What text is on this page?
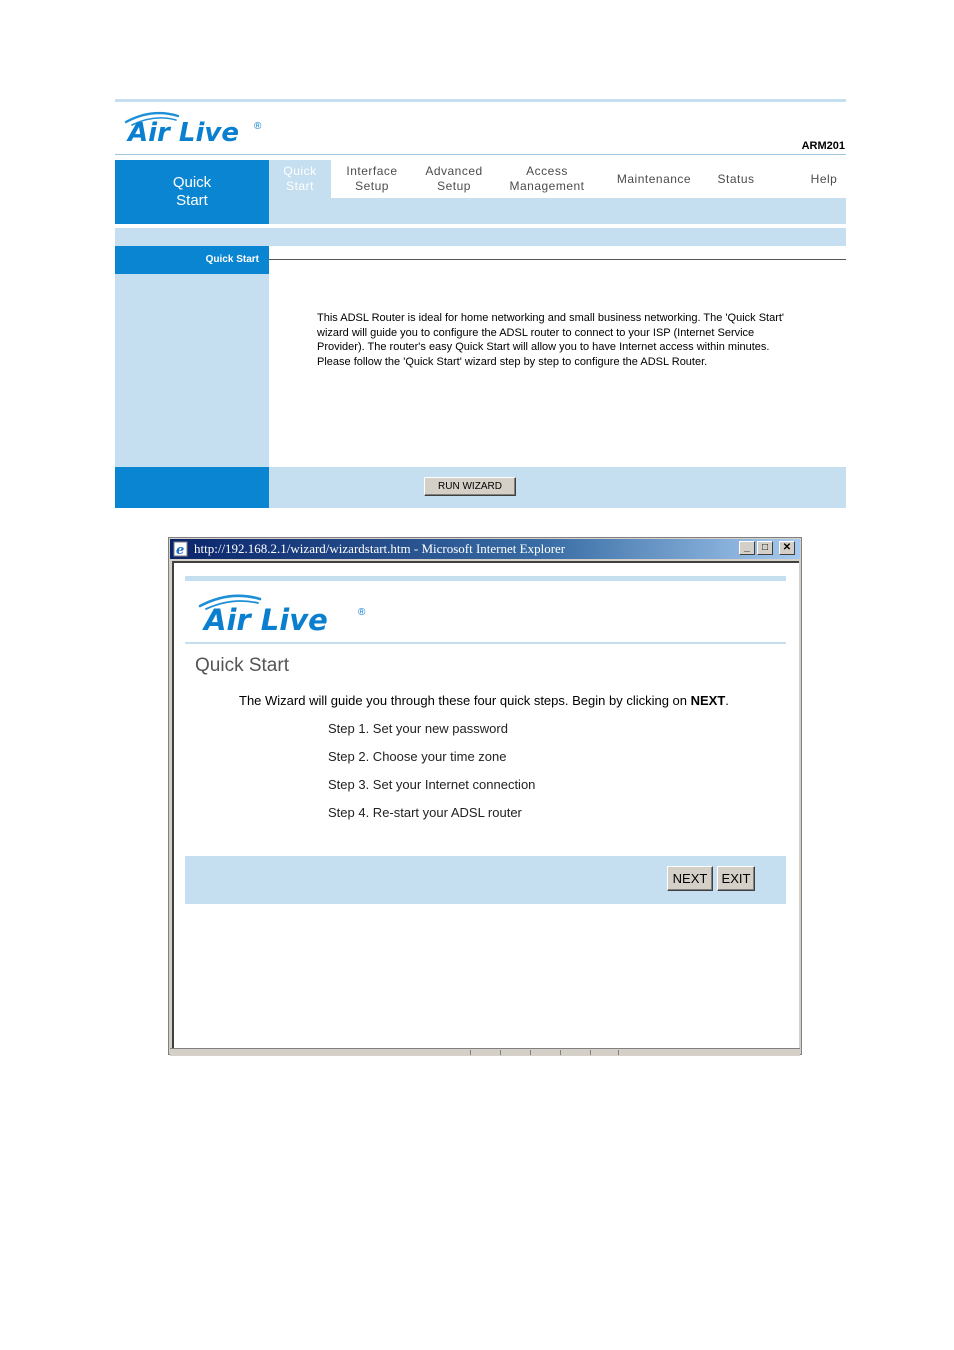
Air Live ®
ARM201
Quick
Start
Quick
Start
Interface
Setup
Advanced
Setup
Access
Management	Maintenance	Status	Help
Quick Start
This ADSL Router is ideal for home networking and small business networking. The 'Quick Start' wizard will guide you to configure the ADSL router to connect to your ISP (Internet Service Provider). The router's easy Quick Start will allow you to have Internet access within minutes. Please follow the 'Quick Start' wizard step by step to configure the ADSL Router.
RUN WIZARD
e http://192.168.2.1/wizard/wizardstart.htm - Microsoft Internet Explorer	_	□	✕
Air Live	®
Quick Start
The Wizard will guide you through these four quick steps. Begin by clicking on NEXT.
Step 1. Set your new password
Step 2. Choose your time zone
Step 3. Set your Internet connection
Step 4. Re-start your ADSL router
NEXT	EXIT
